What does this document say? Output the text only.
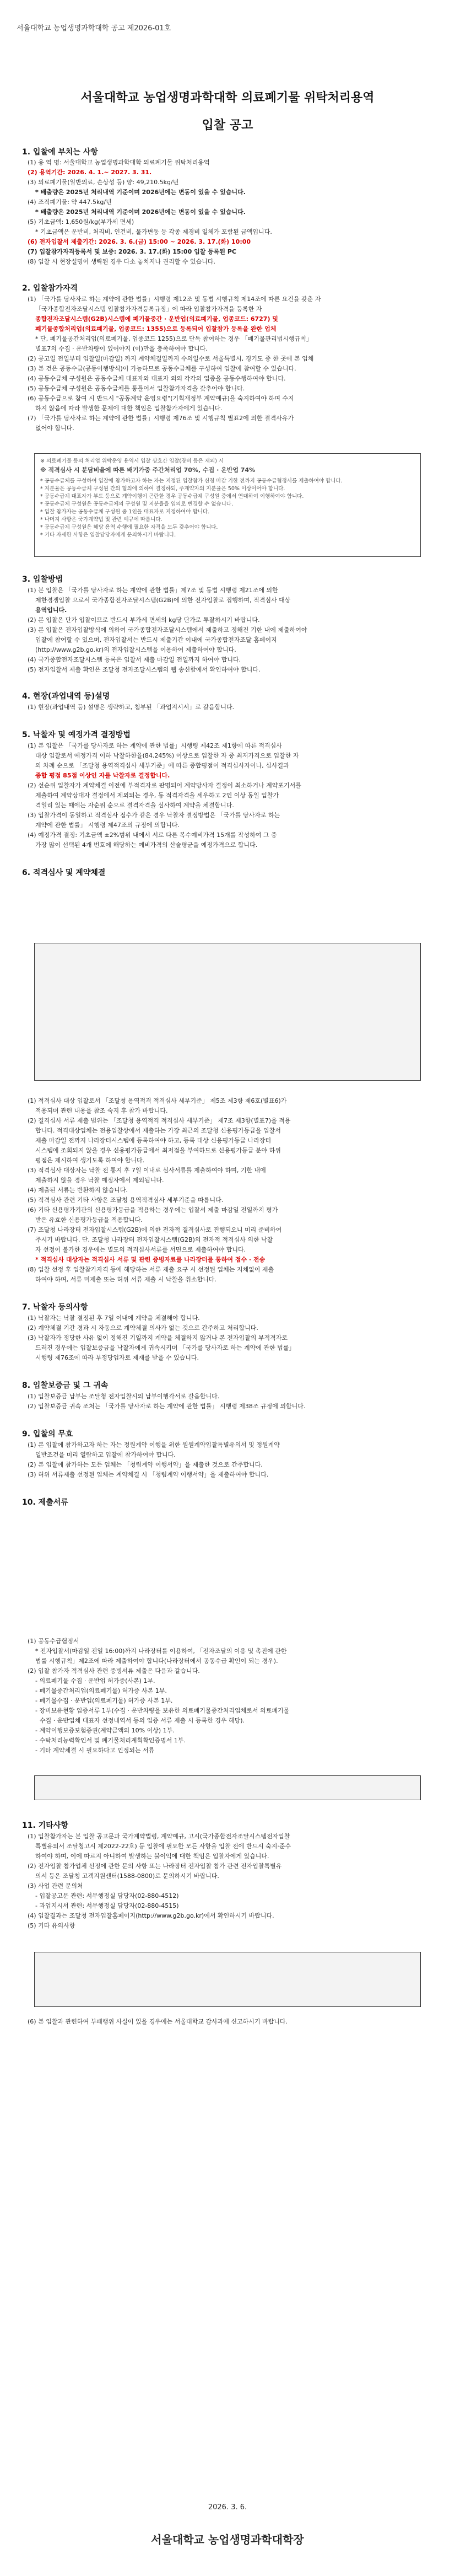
서울대학교 농업생명과학대학 공고 제2026-01호
서울대학교 농업생명과학대학 의료폐기물 위탁처리용역
입찰 공고
1. 입찰에 부치는 사항
(1) 용 역 명: 서울대학교 농업생명과학대학 의료폐기물 위탁처리용역
(2) 용역기간: 2026. 4. 1.~ 2027. 3. 31.
(3) 의료폐기물(일반의료, 손상성 등) 양: 49,210.5kg/년
* 배출량은 2025년 처리내역 기준이며 2026년에는 변동이 있을 수 있습니다.
(4) 조직폐기물: 약 447.5kg/년
* 배출량은 2025년 처리내역 기준이며 2026년에는 변동이 있을 수 있습니다.
(5) 기초금액: 1,650원/kg(부가세 면세)
* 기초금액은 운반비, 처리비, 인건비, 물가변동 등 각종 제경비 일체가 포함된 금액입니다.
(6) 전자입찰서 제출기간: 2026. 3. 6.(금) 15:00 ~ 2026. 3. 17.(화) 10:00
(7) 입찰참가자격등록서 및 보증: 2026. 3. 17.(화) 15:00 입찰 등록된 PC
(8) 입찰 시 현장설명이 생략된 경우 다소 놓치지나 권리할 수 있습니다.
2. 입찰참가자격
(1) 「국가를 당사자로 하는 계약에 관한 법률」시행령 제12조 및 동법 시행규칙 제14조에 따른 요건을 갖춘 자
「국가종합전자조달시스템 입찰참가자격등록규정」에 따라 입찰참가자격을 등록한 자
종합전자조달시스템(G2B)시스템에 폐기물중간 · 운반업(의료폐기물, 업종코드: 6727) 및
폐기물종합처리업(의료폐기물, 업종코드: 1355)으로 등록되어 입찰참가 등록을 완한 업체
* 단, 폐기물공간처리업(의료폐기물, 업종코드 1255)으로 단독 참여하는 경우 「폐기물관리법시행규칙」
별표7의 수집 · 운반차량이 있어야지 (이)만을 충족하여야 합니다.
(2) 공고일 전일부터 입찰일(마감일) 까지 계약체결일까지 수의일수로 서울특별시, 경기도 중 한 곳에 본 업체
(3) 본 건은 공동수급(공동이행방식)이 가능하므로 공동수급체를 구성하여 입찰에 참여할 수 있습니다.
(4) 공동수급체 구성원은 공동수급체 대표자와 대표자 외의 각각의 업종을 공동수행하여야 합니다.
(5) 공동수급체 구성원은 공동수급체를 통틀어서 입찰참가자격을 갖추어야 합니다.
(6) 공동수급으로 참여 시 반드시 "공동계약 운영요령"(기획재정부 계약예규)을 숙지하여야 하며 수지
하지 않음에 따라 발생한 문제에 대한 책임은 입찰참가자에게 있습니다.
(7) 「국가를 당사자로 하는 계약에 관한 법률」시행령 제76조 및 시행규칙 별표2에 의한 결격사유가
없어야 합니다.
※ 의료폐기물 등의 처리업 위탁운영 용역시 입찰 상호간 입찰(장비 등은 제외) 시
※ 적격심사 시 분담비율에 따른 배기가중 주간처리업 70%, 수집 · 운반업 74%
* 공동수급체를 구성하여 입찰에 참가하고자 하는 자는 지정된 입찰참가 신청 마감 기한 전까지 공동수급협정서를 제출하여야 합니다.
* 지분율은 공동수급체 구성원 간의 협의에 의하여 결정하되, 주계약자의 지분율은 50% 이상이어야 합니다.
* 공동수급체 대표자가 부도 등으로 계약이행이 곤란한 경우 공동수급체 구성원 중에서 연대하여 이행하여야 합니다.
* 공동수급체 구성원은 공동수급체의 구성원 및 지분율을 임의로 변경할 수 없습니다.
* 입찰 참가자는 공동수급체 구성원 중 1인을 대표자로 지정하여야 합니다.
* 나머지 사항은 국가계약법 및 관련 예규에 따릅니다.
* 공동수급체 구성원은 해당 용역 수행에 필요한 자격을 모두 갖추어야 합니다.
* 기타 자세한 사항은 입찰담당자에게 문의하시기 바랍니다.
3. 입찰방법
(1) 본 입찰은 「국가를 당사자로 하는 계약에 관한 법률」제7조 및 동법 시행령 제21조에 의한
제한경쟁입찰 으로서 국가종합전자조달시스템(G2B)에 의한 전자입찰로 집행하며, 적격심사 대상
용역입니다.
(2) 본 입찰은 단가 입찰이므로 반드시 부가세 면세의 kg당 단가로 투찰하시기 바랍니다.
(3) 본 입찰은 전자입찰방식에 의하여 국가종합전자조달시스템에서 제출하고 정해진 기한 내에 제출하여야
입찰에 참여할 수 있으며, 전자입찰서는 반드시 제출기간 이내에 국가종합전자조달 홈페이지
(http://www.g2b.go.kr)의 전자입찰시스템을 이용하여 제출하여야 합니다.
(4) 국가종합전자조달시스템 등록은 입찰서 제출 마감일 전일까지 하여야 합니다.
(5) 전자입찰서 제출 확인은 조달청 전자조달시스템의 웹 송신함에서 확인하여야 합니다.
4. 현장(과업내역 등)설명
(1) 현장(과업내역 등) 설명은 생략하고, 첨부된 「과업지시서」로 갈음합니다.
5. 낙찰자 및 예정가격 결정방법
(1) 본 입찰은 「국가를 당사자로 하는 계약에 관한 법률」시행령 제42조 제1항에 따른 적격심사
대상 입찰로서 예정가격 이하 낙찰하한율(84.245%) 이상으로 입찰한 자 중 최저가격으로 입찰한 자
의 차례 순으로 「조달청 용역적격심사 세부기준」에 따른 종합평점이 적격심사자이나, 심사결과
종합 평점 85점 이상인 자를 낙찰자로 결정합니다.
(2) 선순위 입찰자가 계약체결 이전에 부적격자로 판명되어 계약당사자 결정이 최소하거나 계약포기서를
제출하여 계약상대자 결정에서 제외되는 경우, 동 적격자격을 세우하고 2인 이상 동일 입찰가
격일리 있는 때에는 자순위 순으로 결격자격을 심사하여 계약을 체결합니다.
(3) 입찰가격이 동일하고 적격심사 점수가 같은 경우 낙찰자 결정방법은 「국가를 당사자로 하는
계약에 관한 법률」 시행령 제47조의 규정에 의합니다.
(4) 예정가격 결정: 기초금액 ±2%범위 내에서 서로 다른 복수예비가격 15개를 작성하여 그 중
가장 많이 선택된 4개 번호에 해당하는 예비가격의 산술평균을 예정가격으로 합니다.
6. 적격심사 및 계약체결
(1) 적격심사 대상 입찰로서 「조달청 용역적격 적격심사 세부기준」 제5조 제3항 제6호(별표6)가
적용되며 관련 내용을 참조 숙지 후 참가 바랍니다.
(2) 결격심사 서류 제출 범위는 「조달청 용역적격 적격심사 세부기준」 제7조 제3항(별표7)을 적용
합니다. 적격대상업체는 전용입찰상에서 제출하는 가장 최근의 조달청 신용평가등급을 입찰서
제출 마감일 전까지 나라장터시스템에 등록하여야 하고, 등록 대상 신용평가등급 나라장터
시스템에 조회되지 않을 경우 신용평가등급에서 최저점을 부여하므로 신용평가등급 분야 하위
평점은 제시하여 생기도록 하여야 합니다.
(3) 적격심사 대상자는 낙찰 전 통지 후 7일 이내로 심사서류를 제출하여야 하며, 기한 내에
제출하지 않을 경우 낙찰 예정자에서 제외됩니다.
(4) 제출된 서류는 반환하지 않습니다.
(5) 적격심사 관련 기타 사항은 조달청 용역적격심사 세부기준을 따릅니다.
(6) 기타 신용평가기관의 신용평가등급을 적용하는 경우에는 입찰서 제출 마감일 전일까지 평가
받은 유효한 신용평가등급을 적용합니다.
(7) 조달청 나라장터 전자입찰시스템(G2B)에 의한 전자적 결격심사로 진행되오니 미리 준비하여
주시기 바랍니다. 단, 조달청 나라장터 전자입찰시스템(G2B)의 전자적 적격심사 의한 낙찰
자 선정이 불가한 경우에는 별도의 적격심사서류를 서면으로 제출하여야 합니다.
* 적격심사 대상자는 적격심사 서류 및 관련 증빙자료를 나라장터를 통하여 접수 · 전송
(8) 입찰 선정 후 입찰참가자격 등에 해당하는 서류 제출 요구 시 선정된 업체는 지체없이 제출
하여야 하며, 서류 미제출 또는 허위 서류 제출 시 낙찰을 취소합니다.
7. 낙찰자 등의사항
(1) 낙찰자는 낙찰 결정된 후 7일 이내에 계약을 체결해야 합니다.
(2) 계약체결 기간 경과 시 자동으로 계약체결 의사가 없는 것으로 간주하고 처리합니다.
(3) 낙찰자가 정당한 사유 없이 정해진 기일까지 계약을 체결하지 않거나 본 전자입찰의 부적격자로
드러진 경우에는 입찰보증금을 낙찰자에게 귀속시키며 「국가를 당사자로 하는 계약에 관한 법률」
시행령 제76조에 따라 부정당업자로 제재를 받을 수 있습니다.
8. 입찰보증금 및 그 귀속
(1) 입찰보증금 납부는 조달청 전자입찰시의 납부이행각서로 갈음합니다.
(2) 입찰보증금 귀속 조처는 「국가를 당사자로 하는 계약에 관한 법률」 시행령 제38조 규정에 의합니다.
9. 입찰의 무효
(1) 본 입찰에 참가하고자 하는 자는 정원계약 이행을 위한 원원계약입찰특별유의서 및 정원계약
일반조건을 미리 열람하고 입찰에 참가하여야 합니다.
(2) 본 입찰에 참가하는 모든 업체는 「청렴계약 이행서약」을 제출한 것으로 간주합니다.
(3) 허위 서류제출 선정된 업체는 계약체결 시 「청렴계약 이행서약」을 제출하여야 합니다.
10. 제출서류
(1) 공동수급협정서
* 전자입찰서(마감일 전일 16:00)까지 나라장터를 이용하여, 「전자조달의 이용 및 촉진에 관한
법률 시행규칙」제2조에 따라 제출하여야 합니다(나라장터에서 공동수급 확인이 되는 경우).
(2) 입찰 참가자 적격심사 관련 증빙서류 제출은 다음과 같습니다.
- 의료폐기물 수집 · 운반업 허가증(사본) 1부.
- 폐기물중간처리업(의료폐기물) 허가증 사본 1부.
- 폐기물수집 · 운반업(의료폐기물) 허가증 사본 1부.
- 장비보유현황 입증서류 1부(수집 · 운반차량을 보유한 의료폐기물중간처리업체로서 의료폐기물
수집 · 운반업체 대표자 선정내역서 등의 입증 서류 제출 시 등록한 경우 해당).
- 계약이행보증보험증권(계약금액의 10% 이상) 1부.
- 수탁처리능력확인서 및 폐기물처리계획확인증명서 1부.
- 기타 계약체결 시 필요하다고 인정되는 서류
11. 기타사항
(1) 입찰참가자는 본 입찰 공고문과 국가계약법령, 계약예규, 고시(국가종합전자조달시스템전자입찰
특별유의서 조달청고시 제2022-22호) 등 입찰에 필요한 모든 사항을 입찰 전에 반드시 숙지·준수
하여야 하며, 이에 따르지 아니하여 발생하는 불이익에 대한 책임은 입찰자에게 있습니다.
(2) 전자입찰 참가업체 선정에 관한 문의 사항 또는 나라장터 전자입찰 참가 관련 전자입찰특별유
의서 등은 조달청 고객지원센터(1588-0800)로 문의하시기 바랍니다.
(3) 사업 관련 문의처
- 입찰공고문 관련: 서무행정실 담당자(02-880-4512)
- 과업지시서 관련: 서무행정실 담당자(02-880-4515)
(4) 입찰결과는 조달청 전자입찰홈페이지(http://www.g2b.go.kr)에서 확인하시기 바랍니다.
(5) 기타 유의사항
(6) 본 입찰과 관련하여 부패행위 사실이 있을 경우에는 서울대학교 감사과에 신고하시기 바랍니다.
2026. 3. 6.
서울대학교 농업생명과학대학장
